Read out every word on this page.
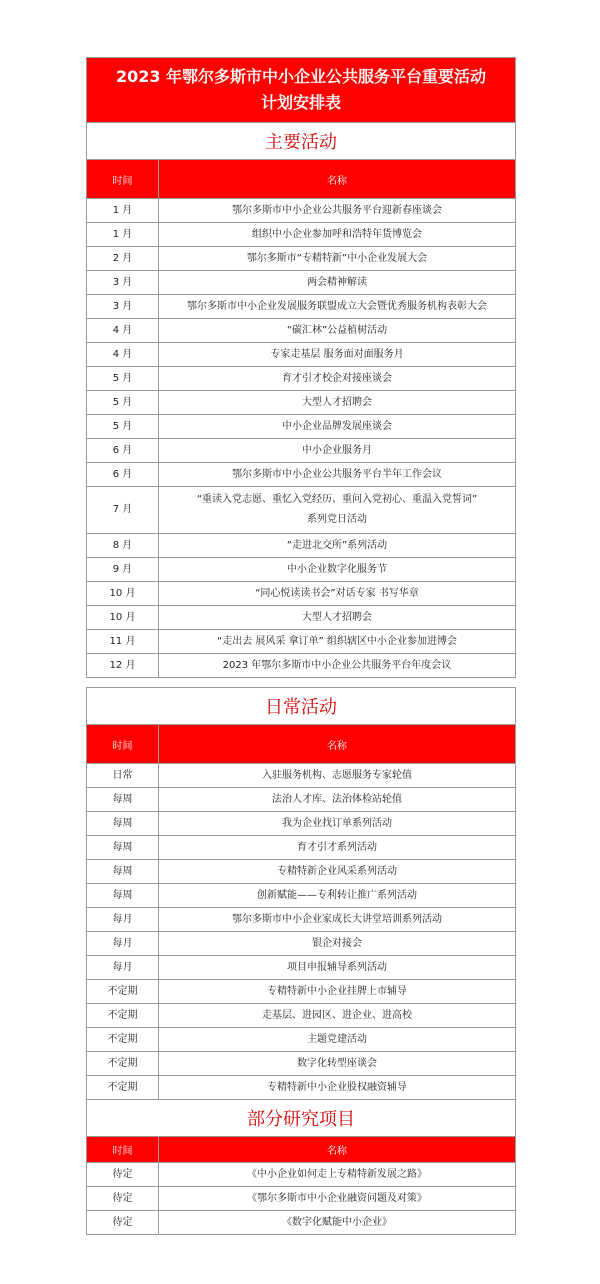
2023 年鄂尔多斯市中小企业公共服务平台重要活动
计划安排表
主要活动
时间	名称
1 月	鄂尔多斯市中小企业公共服务平台迎新春座谈会
1 月	组织中小企业参加呼和浩特年货博览会
2 月	鄂尔多斯市“专精特新”中小企业发展大会
3 月	两会精神解读
3 月	鄂尔多斯市中小企业发展服务联盟成立大会暨优秀服务机构表彰大会
4 月	“碳汇林”公益植树活动
4 月	专家走基层 服务面对面服务月
5 月	育才引才校企对接座谈会
5 月	大型人才招聘会
5 月	中小企业品牌发展座谈会
6 月	中小企业服务月
6 月	鄂尔多斯市中小企业公共服务平台半年工作会议
7 月	“重读入党志愿、重忆入党经历、重问入党初心、重温入党誓词”
系列党日活动
8 月	“走进北交所”系列活动
9 月	中小企业数字化服务节
10 月	“同心悦读读书会”对话专家 书写华章
10 月	大型人才招聘会
11 月	“走出去 展风采 拿订单” 组织辖区中小企业参加进博会
12 月	2023 年鄂尔多斯市中小企业公共服务平台年度会议
日常活动
时间	名称
日常	入驻服务机构、志愿服务专家轮值
每周	法治人才库、法治体检站轮值
每周	我为企业找订单系列活动
每周	育才引才系列活动
每周	专精特新企业风采系列活动
每周	创新赋能——专利转让推广系列活动
每月	鄂尔多斯市中小企业家成长大讲堂培训系列活动
每月	银企对接会
每月	项目申报辅导系列活动
不定期	专精特新中小企业挂牌上市辅导
不定期	走基层、进园区、进企业、进高校
不定期	主题党建活动
不定期	数字化转型座谈会
不定期	专精特新中小企业股权融资辅导
部分研究项目
时间	名称
待定	《中小企业如何走上专精特新发展之路》
待定	《鄂尔多斯市中小企业融资问题及对策》
待定	《数字化赋能中小企业》
